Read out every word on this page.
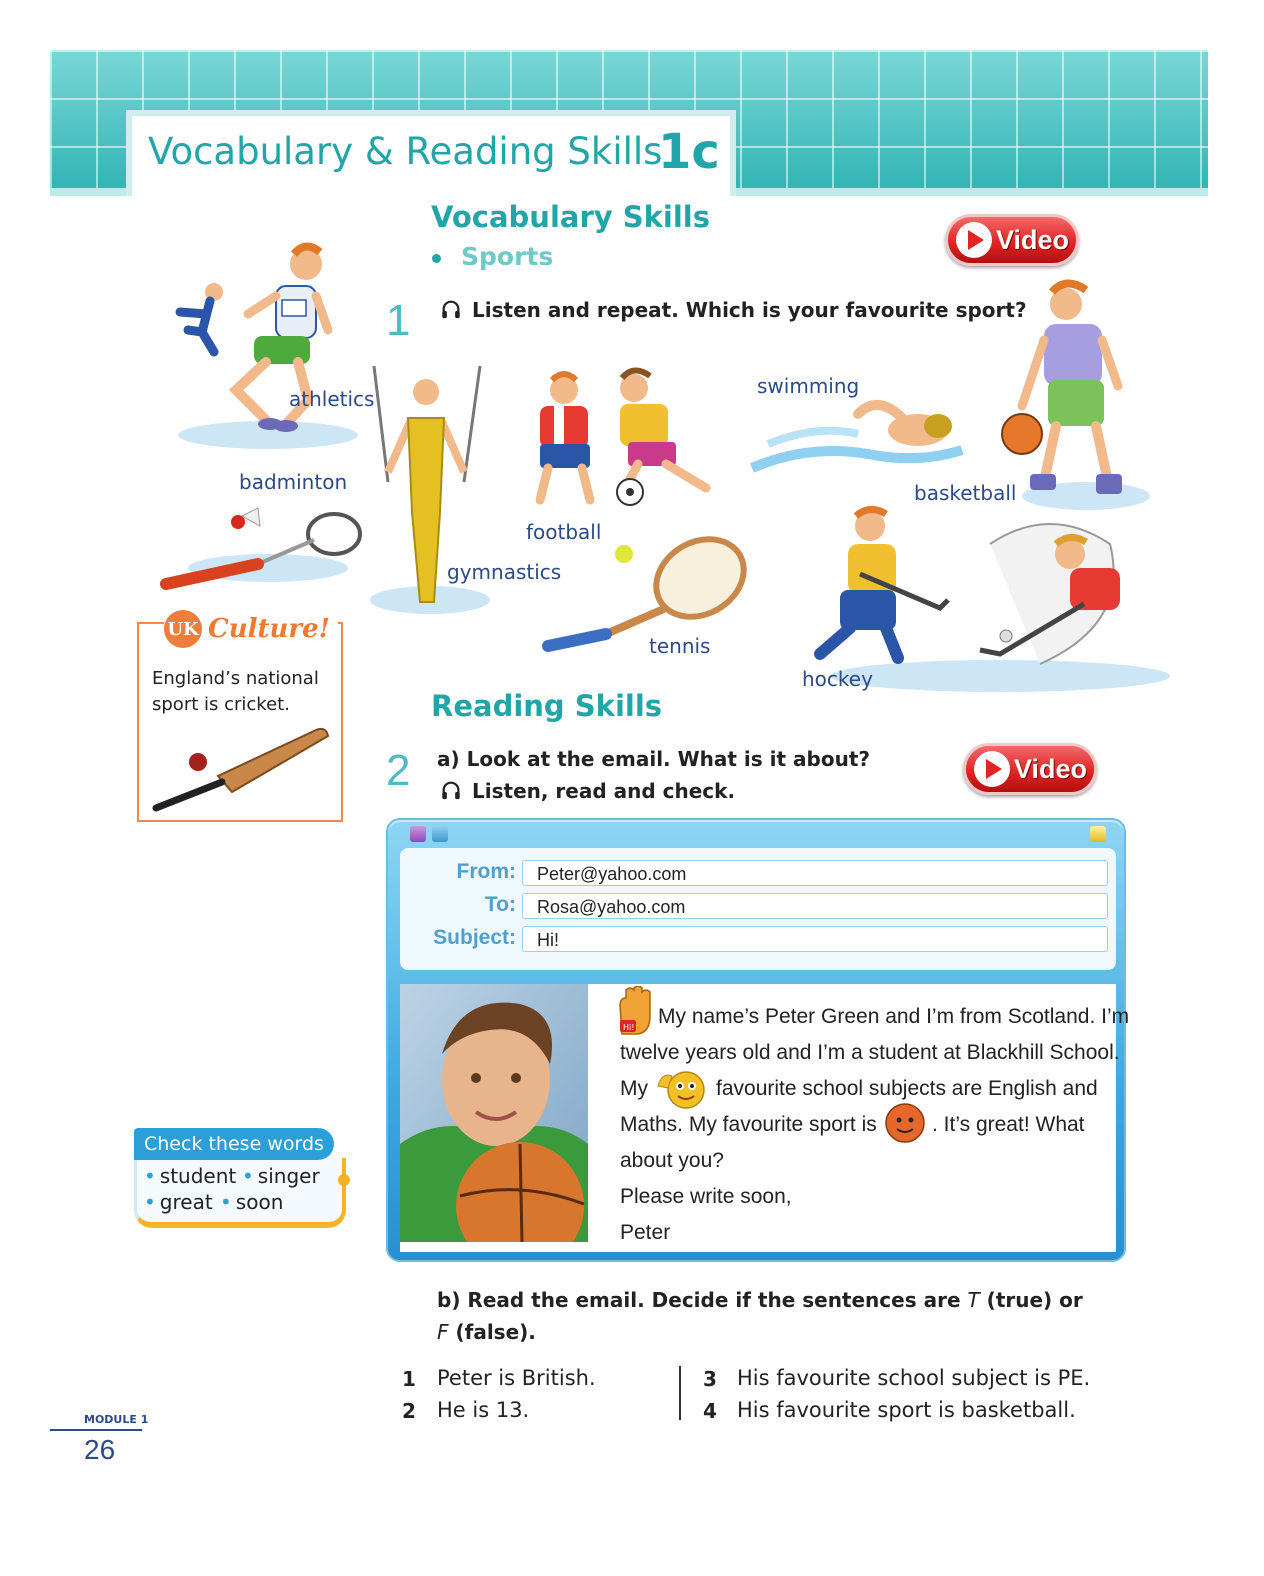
Vocabulary & Reading Skills
1c
Vocabulary Skills
Sports
Video
1	Listen and repeat. Which is your favourite sport?
athletics
badminton
gymnastics
football
swimming
basketball
tennis
hockey
UK Culture!
England’s national
sport is cricket.	Reading Skills
Video
2 a) Look at the email. What is it about?
Listen, read and check.
From:	Peter@yahoo.com
To:	Rosa@yahoo.com
Subject:	Hi!
Hi! My name’s Peter Green and I’m from Scotland. I’m
twelve years old and I’m a student at Blackhill School.
My	favourite school subjects are English and
Maths. My favourite sport is	. It’s great! What
about you?
Please write soon,
Peter
Check these words
• student • singer
• great • soon
b) Read the email. Decide if the sentences are T (true) or
F (false).
1 Peter is British.
2 He is 13.
3 His favourite school subject is PE.
4 His favourite sport is basketball.
MODULE 1
26
